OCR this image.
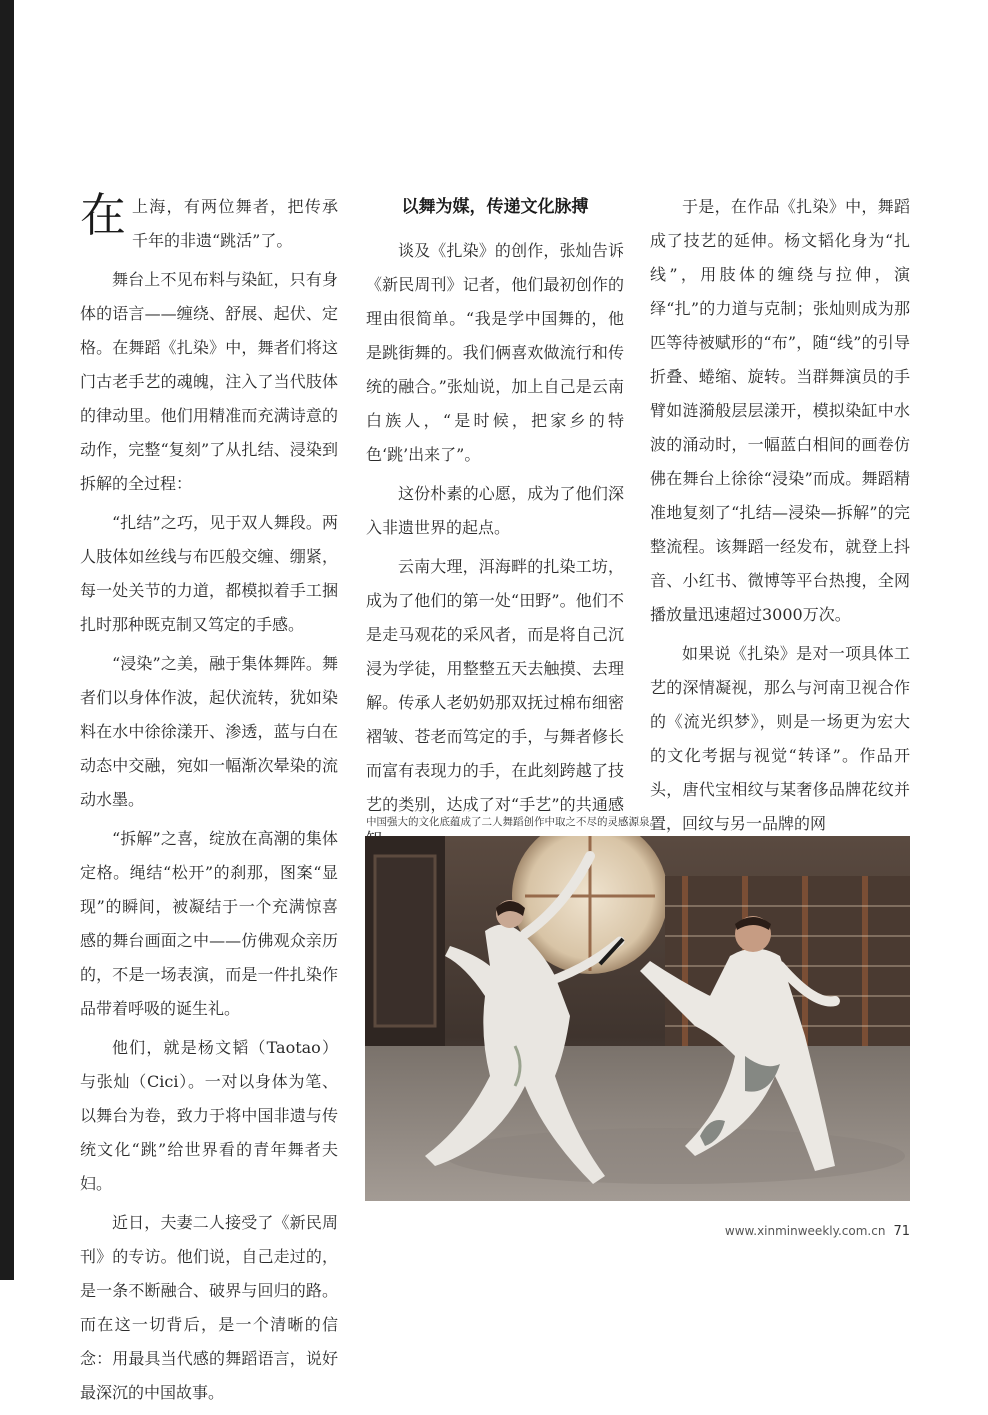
在上海，有两位舞者，把传承千年的非遗“跳活”了。

舞台上不见布料与染缸，只有身体的语言——缠绕、舒展、起伏、定格。在舞蹈《扎染》中，舞者们将这门古老手艺的魂魄，注入了当代肢体的律动里。他们用精准而充满诗意的动作，完整“复刻”了从扎结、浸染到拆解的全过程：

“扎结”之巧，见于双人舞段。两人肢体如丝线与布匹般交缠、绷紧，每一处关节的力道，都模拟着手工捆扎时那种既克制又笃定的手感。

“浸染”之美，融于集体舞阵。舞者们以身体作波，起伏流转，犹如染料在水中徐徐漾开、渗透，蓝与白在动态中交融，宛如一幅渐次晕染的流动水墨。

“拆解”之喜，绽放在高潮的集体定格。绳结“松开”的刹那，图案“显现”的瞬间，被凝结于一个充满惊喜感的舞台画面之中——仿佛观众亲历的，不是一场表演，而是一件扎染作品带着呼吸的诞生礼。

他们，就是杨文韬（Taotao）与张灿（Cici）。一对以身体为笔、以舞台为卷，致力于将中国非遗与传统文化“跳”给世界看的青年舞者夫妇。

近日，夫妻二人接受了《新民周刊》的专访。他们说，自己走过的，是一条不断融合、破界与回归的路。而在这一切背后，是一个清晰的信念：用最具当代感的舞蹈语言，说好最深沉的中国故事。

以舞为媒，传递文化脉搏

谈及《扎染》的创作，张灿告诉《新民周刊》记者，他们最初创作的理由很简单。“我是学中国舞的，他是跳街舞的。我们俩喜欢做流行和传统的融合。”张灿说，加上自己是云南白族人，“是时候，把家乡的特色‘跳’出来了”。

这份朴素的心愿，成为了他们深入非遗世界的起点。

云南大理，洱海畔的扎染工坊，成为了他们的第一处“田野”。他们不是走马观花的采风者，而是将自己沉浸为学徒，用整整五天去触摸、去理解。传承人老奶奶那双抚过棉布细密褶皱、苍老而笃定的手，与舞者修长而富有表现力的手，在此刻跨越了技艺的类别，达成了对“手艺”的共通感

于是，在作品《扎染》中，舞蹈成了技艺的延伸。杨文韬化身为“扎线”，用肢体的缠绕与拉伸，演绎“扎”的力道与克制；张灿则成为那匹等待被赋形的“布”，随“线”的引导折叠、蜷缩、旋转。当群舞演员的手臂如涟漪般层层漾开，模拟染缸中水波的涌动时，一幅蓝白相间的画卷仿佛在舞台上徐徐“浸染”而成。舞蹈精准地复刻了“扎结—浸染—拆解”的完整流程。该舞蹈一经发布，就登上抖音、小红书、微博等平台热搜，全网播放量迅速超过3000万次。

如果说《扎染》是对一项具体工艺的深情凝视，那么与河南卫视合作的《流光织梦》，则是一场更为宏大的文化考据与视觉“转译”。作品开头，唐代宝相纹与某奢侈品牌花纹并置，回纹与另一品牌的网

中国强大的文化底蕴成了二人舞蹈创作中取之不尽的灵感源泉。
www.xinminweekly.com.cn 71
